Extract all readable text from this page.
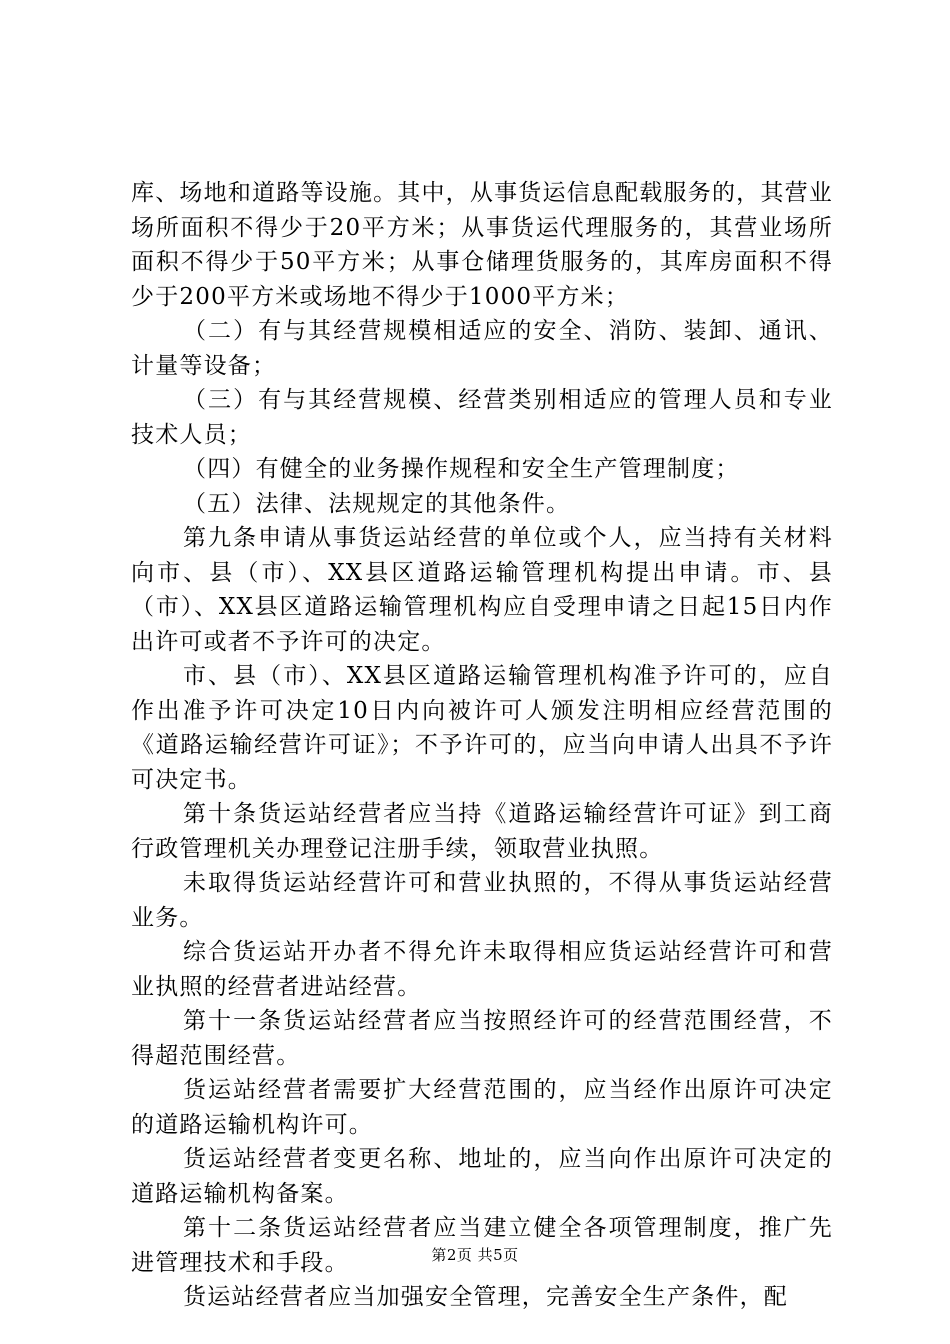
库、场地和道路等设施。其中，从事货运信息配载服务的，其营业场所面积不得少于20平方米；从事货运代理服务的，其营业场所面积不得少于50平方米；从事仓储理货服务的，其库房面积不得少于200平方米或场地不得少于1000平方米；

（二）有与其经营规模相适应的安全、消防、装卸、通讯、计量等设备；

（三）有与其经营规模、经营类别相适应的管理人员和专业技术人员；

（四）有健全的业务操作规程和安全生产管理制度；

（五）法律、法规规定的其他条件。

第九条申请从事货运站经营的单位或个人，应当持有关材料向市、县（市）、XX县区道路运输管理机构提出申请。市、县（市）、XX县区道路运输管理机构应自受理申请之日起15日内作出许可或者不予许可的决定。

市、县（市）、XX县区道路运输管理机构准予许可的，应自作出准予许可决定10日内向被许可人颁发注明相应经营范围的《道路运输经营许可证》；不予许可的，应当向申请人出具不予许可决定书。

第十条货运站经营者应当持《道路运输经营许可证》到工商行政管理机关办理登记注册手续，领取营业执照。

未取得货运站经营许可和营业执照的，不得从事货运站经营业务。

综合货运站开办者不得允许未取得相应货运站经营许可和营业执照的经营者进站经营。

第十一条货运站经营者应当按照经许可的经营范围经营，不得超范围经营。

货运站经营者需要扩大经营范围的，应当经作出原许可决定的道路运输机构许可。

货运站经营者变更名称、地址的，应当向作出原许可决定的道路运输机构备案。

第十二条货运站经营者应当建立健全各项管理制度，推广先进管理技术和手段。

货运站经营者应当加强安全管理，完善安全生产条件，配

第2页 共5页
